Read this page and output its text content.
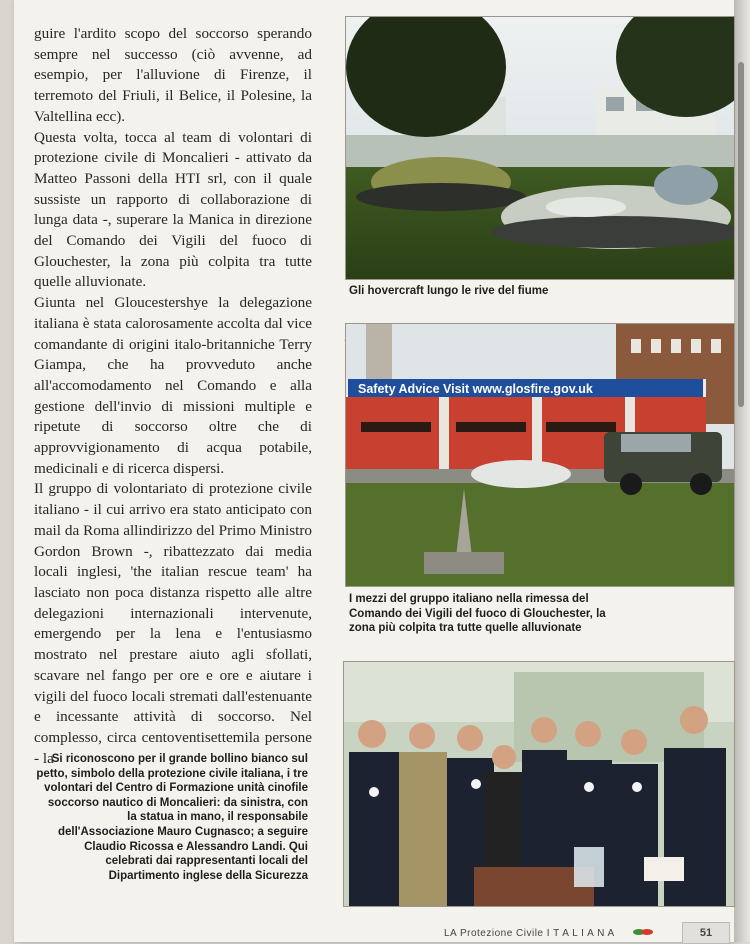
guire l'ardito scopo del soccorso sperando sempre nel successo (ciò avvenne, ad esempio, per l'alluvione di Firenze, il terremoto del Friuli, il Belice, il Polesine, la Valtellina ecc).

Questa volta, tocca al team di volontari di protezione civile di Moncalieri - attivato da Matteo Passoni della HTI srl, con il quale sussiste un rapporto di collaborazione di lunga data -, superare la Manica in direzione del Comando dei Vigili del fuoco di Glouchester, la zona più colpita tra tutte quelle alluvionate.

Giunta nel Gloucestershye la delegazione italiana è stata calorosamente accolta dal vice comandante di origini italo-britanniche Terry Giampa, che ha provveduto anche all'accomodamento nel Comando e alla gestione dell'invio di missioni multiple e ripetute di soccorso oltre che di approvvigionamento di acqua potabile, medicinali e di ricerca dispersi.

Il gruppo di volontariato di protezione civile italiano - il cui arrivo era stato anticipato con mail da Roma allindirizzo del Primo Ministro Gordon Brown -, ribattezzato dai media locali inglesi, 'the italian rescue team' ha lasciato non poca distanza rispetto alle altre delegazioni internazionali intervenute, emergendo per la lena e l'entusiasmo mostrato nel prestare aiuto agli sfollati, scavare nel fango per ore e ore e aiutare i vigili del fuoco locali stremati dall'estenuante e incessante attività di soccorso. Nel complesso, circa centoventisettemila persone - la

Gli hovercraft lungo le rive del fiume
Safety Advice Visit www.glosfire.gov.uk
I mezzi del gruppo italiano nella rimessa del Comando dei Vigili del fuoco di Glouchester, la zona più colpita tra tutte quelle alluvionate
Si riconoscono per il grande bollino bianco sul petto, simbolo della protezione civile italiana, i tre volontari del Centro di Formazione unità cinofile soccorso nautico di Moncalieri: da sinistra, con la statua in mano, il responsabile dell'Associazione Mauro Cugnasco; a seguire Claudio Ricossa e Alessandro Landi. Qui celebrati dai rappresentanti locali del Dipartimento inglese della Sicurezza
LA Protezione Civile I T A L I A N A	51
